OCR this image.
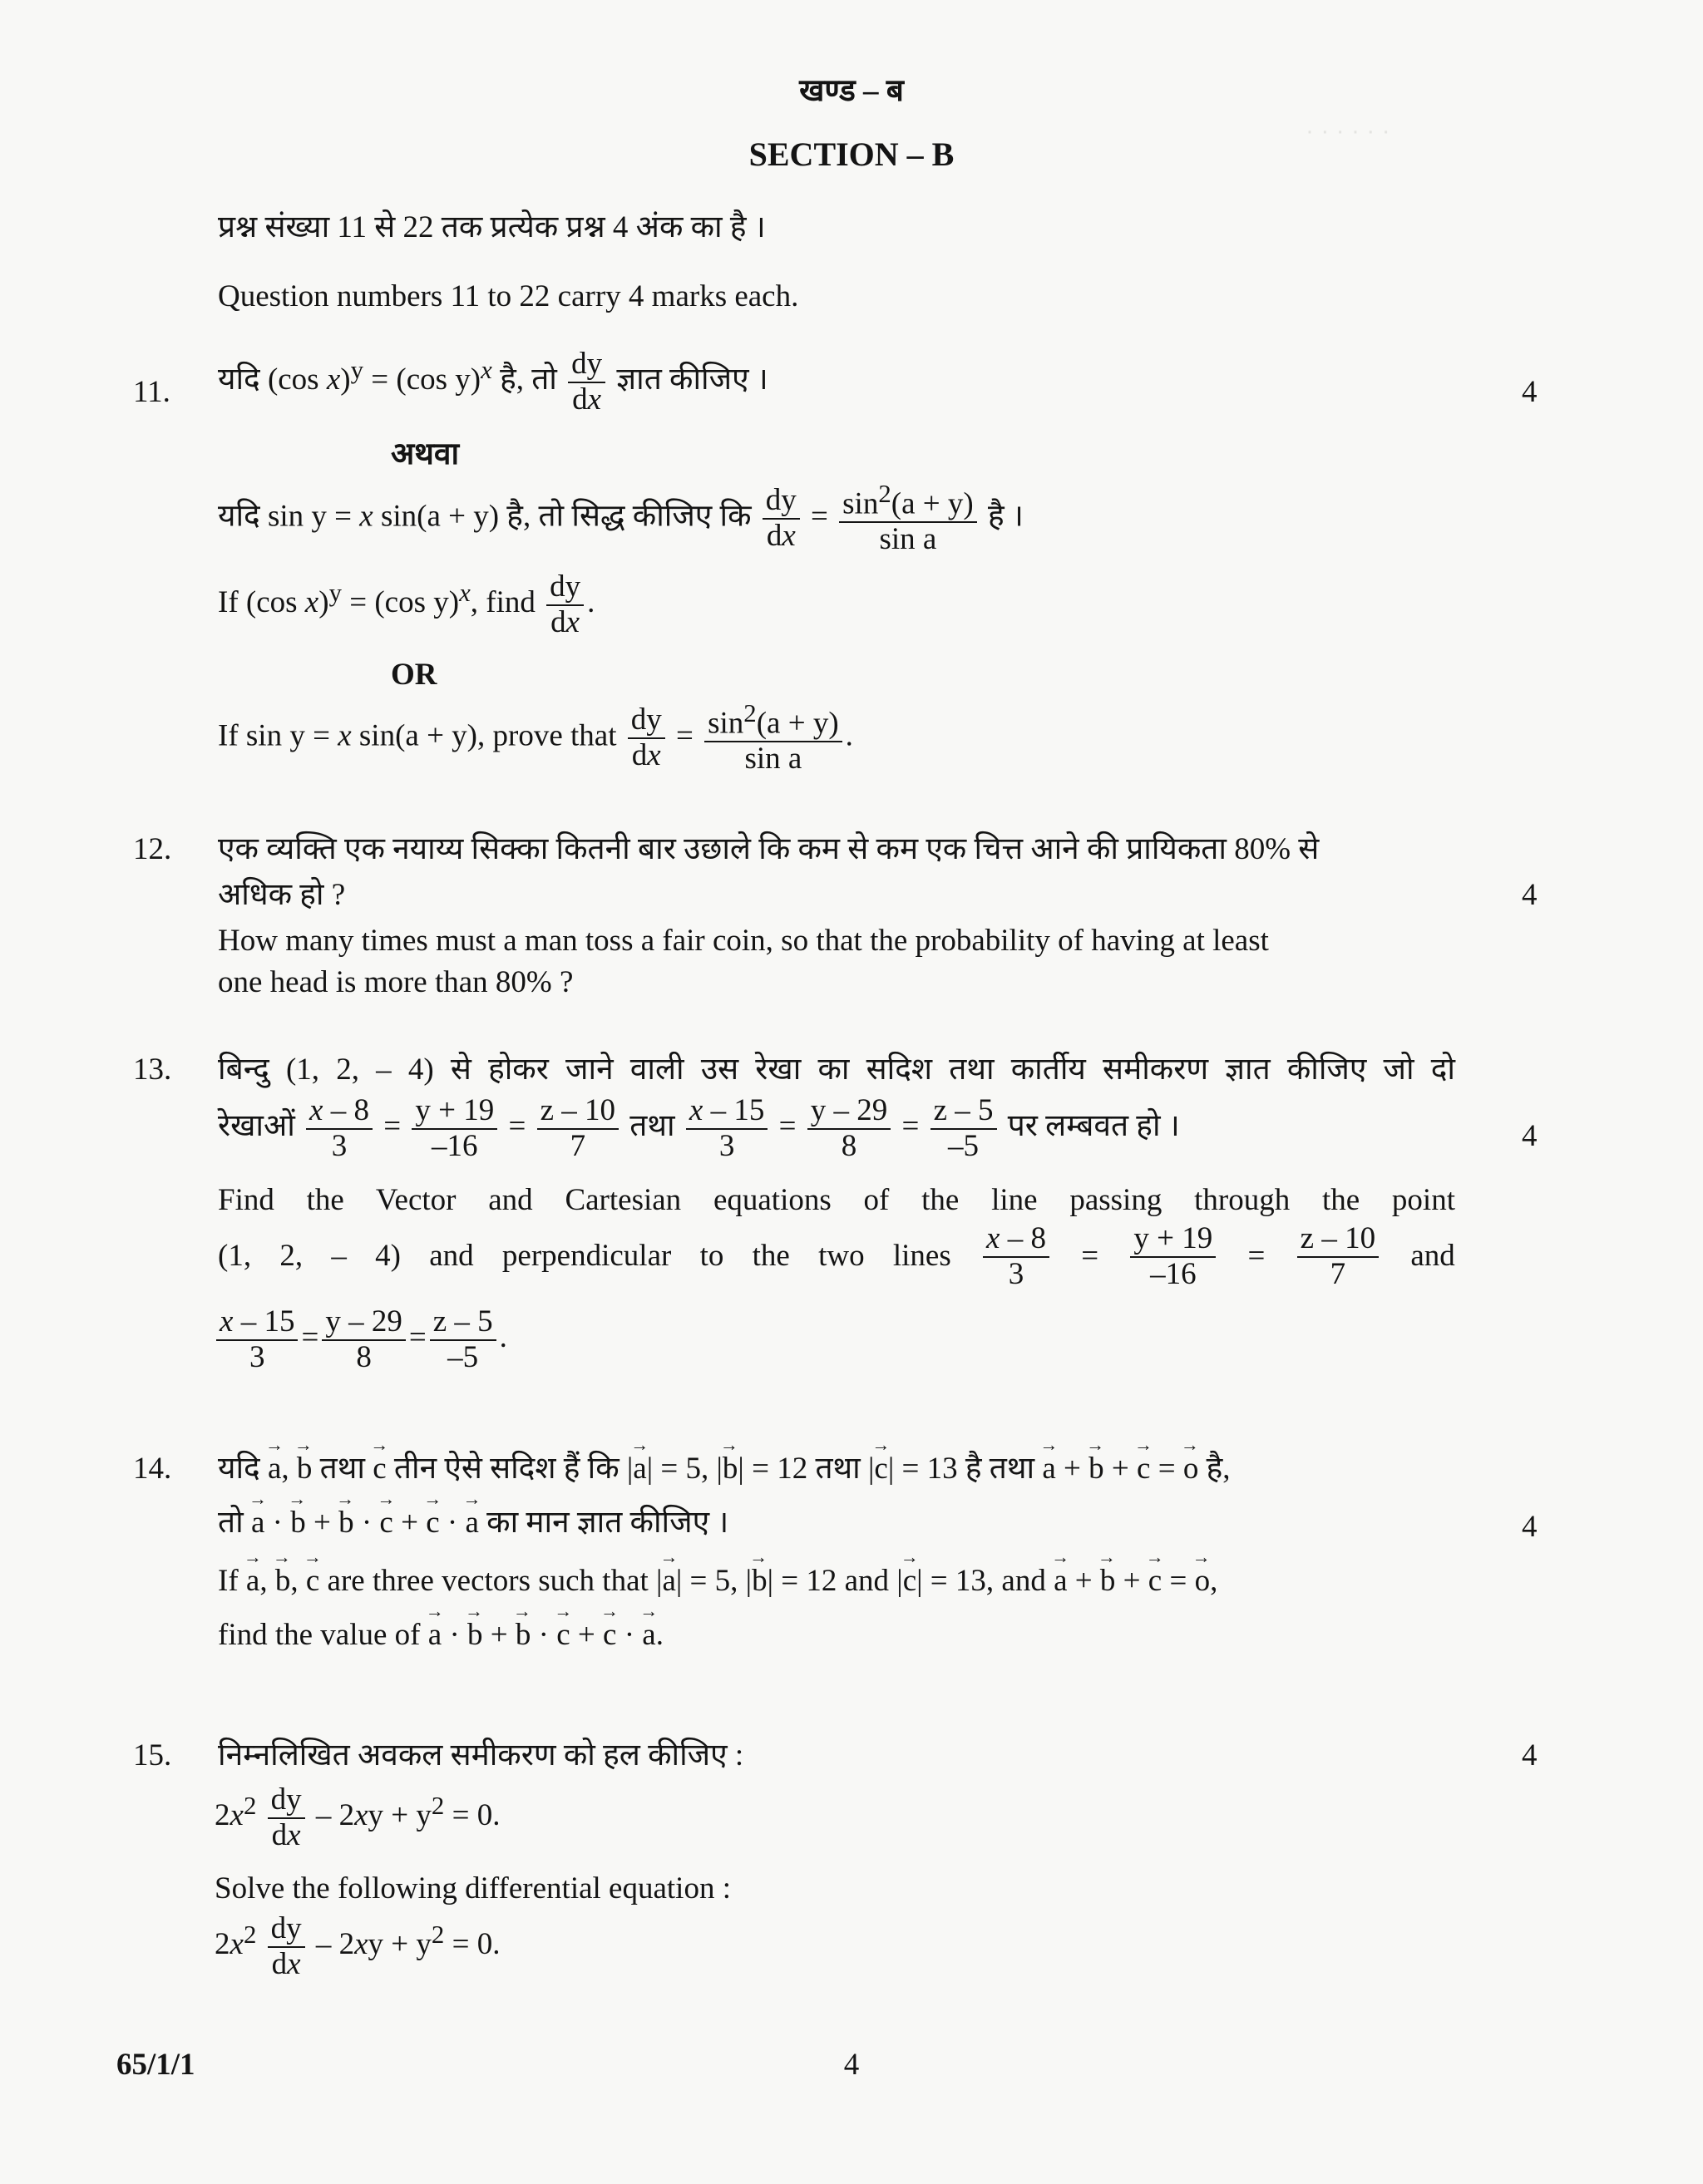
खण्ड – ब
SECTION – B
प्रश्न संख्या 11 से 22 तक प्रत्येक प्रश्न 4 अंक का है ।
Question numbers 11 to 22 carry 4 marks each.
· · · · · ·
11.	4
यदि (cos x)$^y$ = (cos y)$^x$ है, तो $\frac{dy}{dx}$ ज्ञात कीजिए ।
अथवा
यदि sin y = x sin(a + y) है, तो सिद्ध कीजिए कि $\frac{dy}{dx} = \frac{\sin^2(a + y)}{\text{sin a}}$ है ।
If (cos x)$^y$ = (cos y)$^x$, find $\frac{dy}{dx}$ .
OR
If sin y = x sin(a + y), prove that $\frac{dy}{dx} = \frac{\sin^2(a + y)}{\text{sin a}}$ .
12.
4
एक व्यक्ति एक नयाय्य सिक्का कितनी बार उछाले कि कम से कम एक चित्त आने की प्रायिकता 80% से
अधिक हो ?
How many times must a man toss a fair coin, so that the probability of having at least
one head is more than 80% ?
13.
4
बिन्दु (1, 2, – 4) से होकर जाने वाली उस रेखा का सदिश तथा कार्तीय समीकरण ज्ञात कीजिए जो दो
रेखाओं $\frac{x - 8}{3} = \frac{y + 19}{-16} = \frac{z - 10}{7}$ तथा $\frac{x - 15}{3} = \frac{y - 29}{8} = \frac{z - 5}{-5}$ पर लम्बवत हो ।
Find the Vector and Cartesian equations of the line passing through the point
(1, 2, – 4) and perpendicular to the two lines $\frac{x - 8}{3} = \frac{y + 19}{-16} = \frac{z - 10}{7}$ and
$\frac{x - 15}{3} = \frac{y - 29}{8} = \frac{z - 5}{-5}$ .
14.
4
यदि → a, → b तथा → c तीन ऐसे सदिश हैं कि |→ a| = 5, |→ b| = 12 तथा |→ c| = 13 है तथा → a + → b + → c = → o है,
तो → a · → b + → b · → c + → c · → a का मान ज्ञात कीजिए ।
If → a, → b, → c are three vectors such that |→ a| = 5, |→ b| = 12 and |→ c| = 13, and → a + → b + → c = → o,
find the value of → a · → b + → b · → c + → c · → a.
15.	4
निम्नलिखित अवकल समीकरण को हल कीजिए :
$2x^2 \frac{dy}{dx} - 2xy + y^2 = 0$.
Solve the following differential equation :
$2x^2 \frac{dy}{dx} - 2xy + y^2 = 0$.
65/1/1	4
